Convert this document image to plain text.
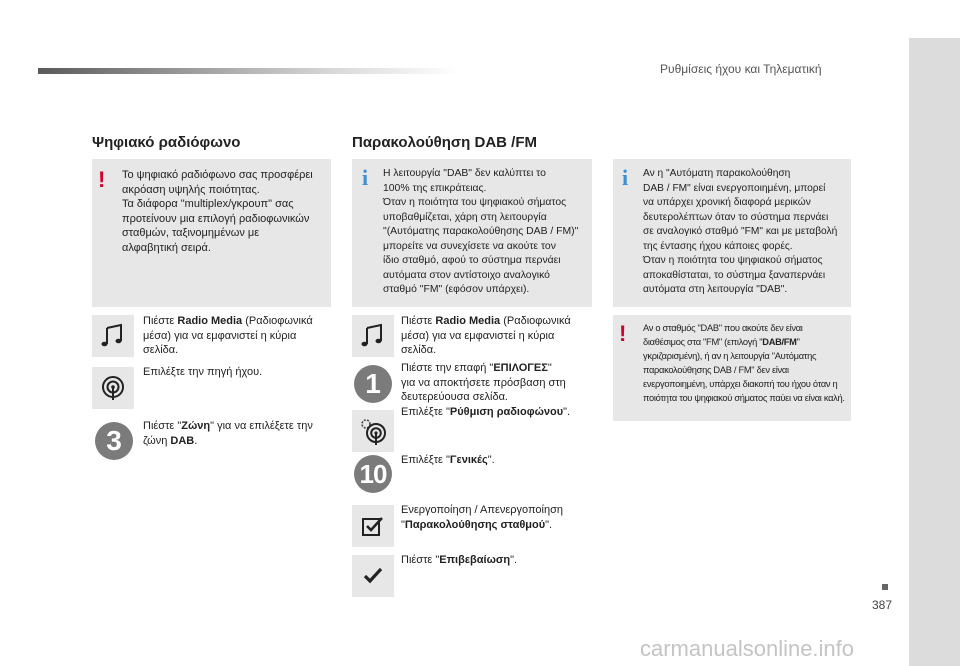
Ρυθμίσεις ήχου και Τηλεματική
Ψηφιακό ραδιόφωνο
! Το ψηφιακό ραδιόφωνο σας προσφέρει
ακρόαση υψηλής ποιότητας.
Τα διάφορα "multiplex/γκρουπ" σας
προτείνουν μια επιλογή ραδιοφωνικών
σταθμών, ταξινομημένων με
αλφαβητική σειρά.
Πιέστε Radio Media (Ραδιοφωνικά
μέσα) για να εμφανιστεί η κύρια
σελίδα.
Επιλέξτε την πηγή ήχου.
3	Πιέστε "Ζώνη" για να επιλέξετε την
ζώνη DAB.
Παρακολούθηση DAB /FM
i Η λειτουργία "DAB" δεν καλύπτει το
100% της επικράτειας.
Όταν η ποιότητα του ψηφιακού σήματος
υποβαθμίζεται, χάρη στη λειτουργία
"(Αυτόματης παρακολούθησης DAB / FM)"
μπορείτε να συνεχίσετε να ακούτε τον
ίδιο σταθμό, αφού το σύστημα περνάει
αυτόματα στον αντίστοιχο αναλογικό
σταθμό "FM" (εφόσον υπάρχει).
Πιέστε Radio Media (Ραδιοφωνικά
μέσα) για να εμφανιστεί η κύρια
σελίδα.
1	Πιέστε την επαφή "ΕΠΙΛΟΓΕΣ"
για να αποκτήσετε πρόσβαση στη
δευτερεύουσα σελίδα.
Επιλέξτε "Ρύθμιση ραδιοφώνου".
10	Επιλέξτε "Γενικές".
Ενεργοποίηση / Απενεργοποίηση
"Παρακολούθησης σταθμού".
Πιέστε "Επιβεβαίωση".
i Αν η "Αυτόματη παρακολούθηση
DAB / FM" είναι ενεργοποιημένη, μπορεί
να υπάρχει χρονική διαφορά μερικών
δευτερολέπτων όταν το σύστημα περνάει
σε αναλογικό σταθμό "FM" και με μεταβολή
της έντασης ήχου κάποιες φορές.
Όταν η ποιότητα του ψηφιακού σήματος
αποκαθίσταται, το σύστημα ξαναπερνάει
αυτόματα στη λειτουργία "DAB".
! Αν ο σταθμός "DAB" που ακούτε δεν είναι
διαθέσιμος στα "FM" (επιλογή "DAB/FM"
γκριζαρισμένη), ή αν η λειτουργία "Αυτόματης
παρακολούθησης DAB / FM" δεν είναι
ενεργοποιημένη, υπάρχει διακοπή του ήχου όταν η
ποιότητα του ψηφιακού σήματος παύει να είναι καλή.
387
carmanualsonline.info
